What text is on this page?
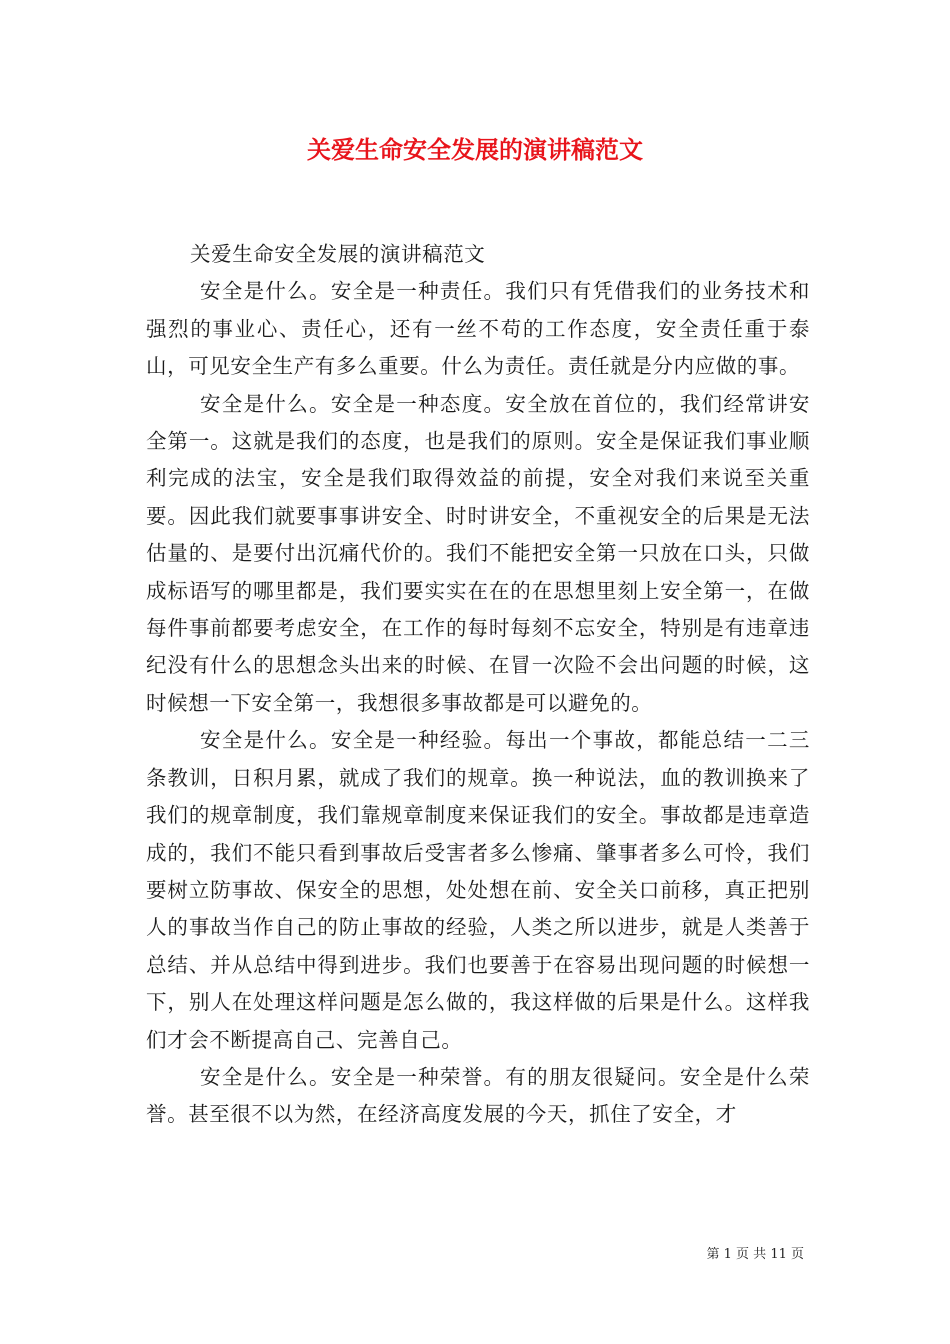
关爱生命安全发展的演讲稿范文

关爱生命安全发展的演讲稿范文

安全是什么。安全是一种责任。我们只有凭借我们的业务技术和强烈的事业心、责任心，还有一丝不苟的工作态度，安全责任重于泰山，可见安全生产有多么重要。什么为责任。责任就是分内应做的事。

安全是什么。安全是一种态度。安全放在首位的，我们经常讲安全第一。这就是我们的态度，也是我们的原则。安全是保证我们事业顺利完成的法宝，安全是我们取得效益的前提，安全对我们来说至关重要。因此我们就要事事讲安全、时时讲安全，不重视安全的后果是无法估量的、是要付出沉痛代价的。我们不能把安全第一只放在口头，只做成标语写的哪里都是，我们要实实在在的在思想里刻上安全第一，在做每件事前都要考虑安全，在工作的每时每刻不忘安全，特别是有违章违纪没有什么的思想念头出来的时候、在冒一次险不会出问题的时候，这时候想一下安全第一，我想很多事故都是可以避免的。

安全是什么。安全是一种经验。每出一个事故，都能总结一二三条教训，日积月累，就成了我们的规章。换一种说法，血的教训换来了我们的规章制度，我们靠规章制度来保证我们的安全。事故都是违章造成的，我们不能只看到事故后受害者多么惨痛、肇事者多么可怜，我们要树立防事故、保安全的思想，处处想在前、安全关口前移，真正把别人的事故当作自己的防止事故的经验，人类之所以进步，就是人类善于总结、并从总结中得到进步。我们也要善于在容易出现问题的时候想一下，别人在处理这样问题是怎么做的，我这样做的后果是什么。这样我们才会不断提高自己、完善自己。

安全是什么。安全是一种荣誉。有的朋友很疑问。安全是什么荣誉。甚至很不以为然，在经济高度发展的今天，抓住了安全，才

第 1 页 共 11 页
